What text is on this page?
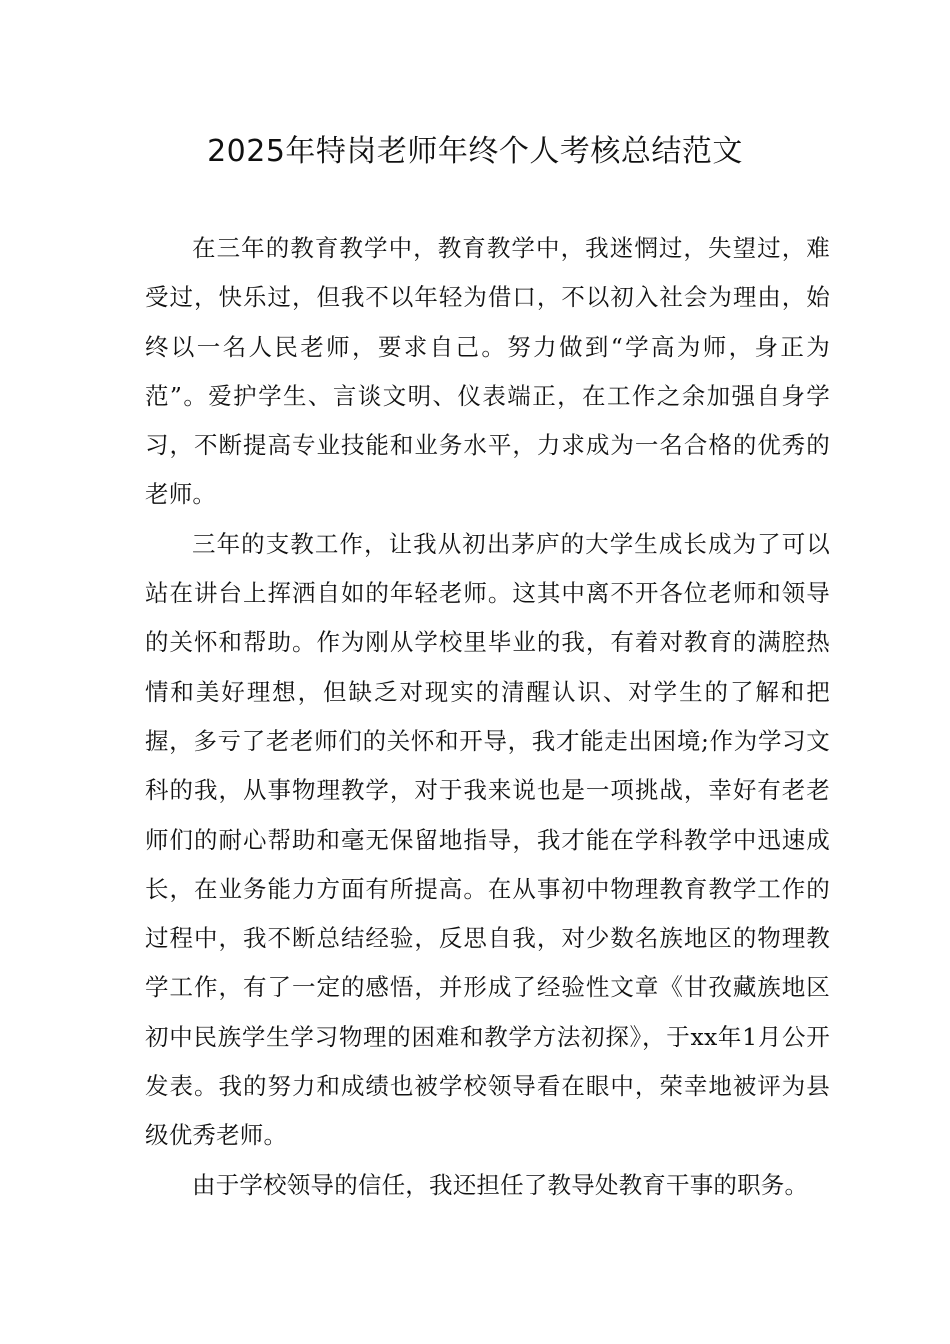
2025年特岗老师年终个人考核总结范文

在三年的教育教学中，教育教学中，我迷惘过，失望过，难受过，快乐过，但我不以年轻为借口，不以初入社会为理由，始终以一名人民老师，要求自己。努力做到“学高为师，身正为范”。爱护学生、言谈文明、仪表端正，在工作之余加强自身学习，不断提高专业技能和业务水平，力求成为一名合格的优秀的老师。

三年的支教工作，让我从初出茅庐的大学生成长成为了可以站在讲台上挥洒自如的年轻老师。这其中离不开各位老师和领导的关怀和帮助。作为刚从学校里毕业的我，有着对教育的满腔热情和美好理想，但缺乏对现实的清醒认识、对学生的了解和把握，多亏了老老师们的关怀和开导，我才能走出困境;作为学习文科的我，从事物理教学，对于我来说也是一项挑战，幸好有老老师们的耐心帮助和毫无保留地指导，我才能在学科教学中迅速成长，在业务能力方面有所提高。在从事初中物理教育教学工作的过程中，我不断总结经验，反思自我，对少数名族地区的物理教学工作，有了一定的感悟，并形成了经验性文章《甘孜藏族地区初中民族学生学习物理的困难和教学方法初探》，于xx年1月公开发表。我的努力和成绩也被学校领导看在眼中，荣幸地被评为县级优秀老师。

由于学校领导的信任，我还担任了教导处教育干事的职务。
